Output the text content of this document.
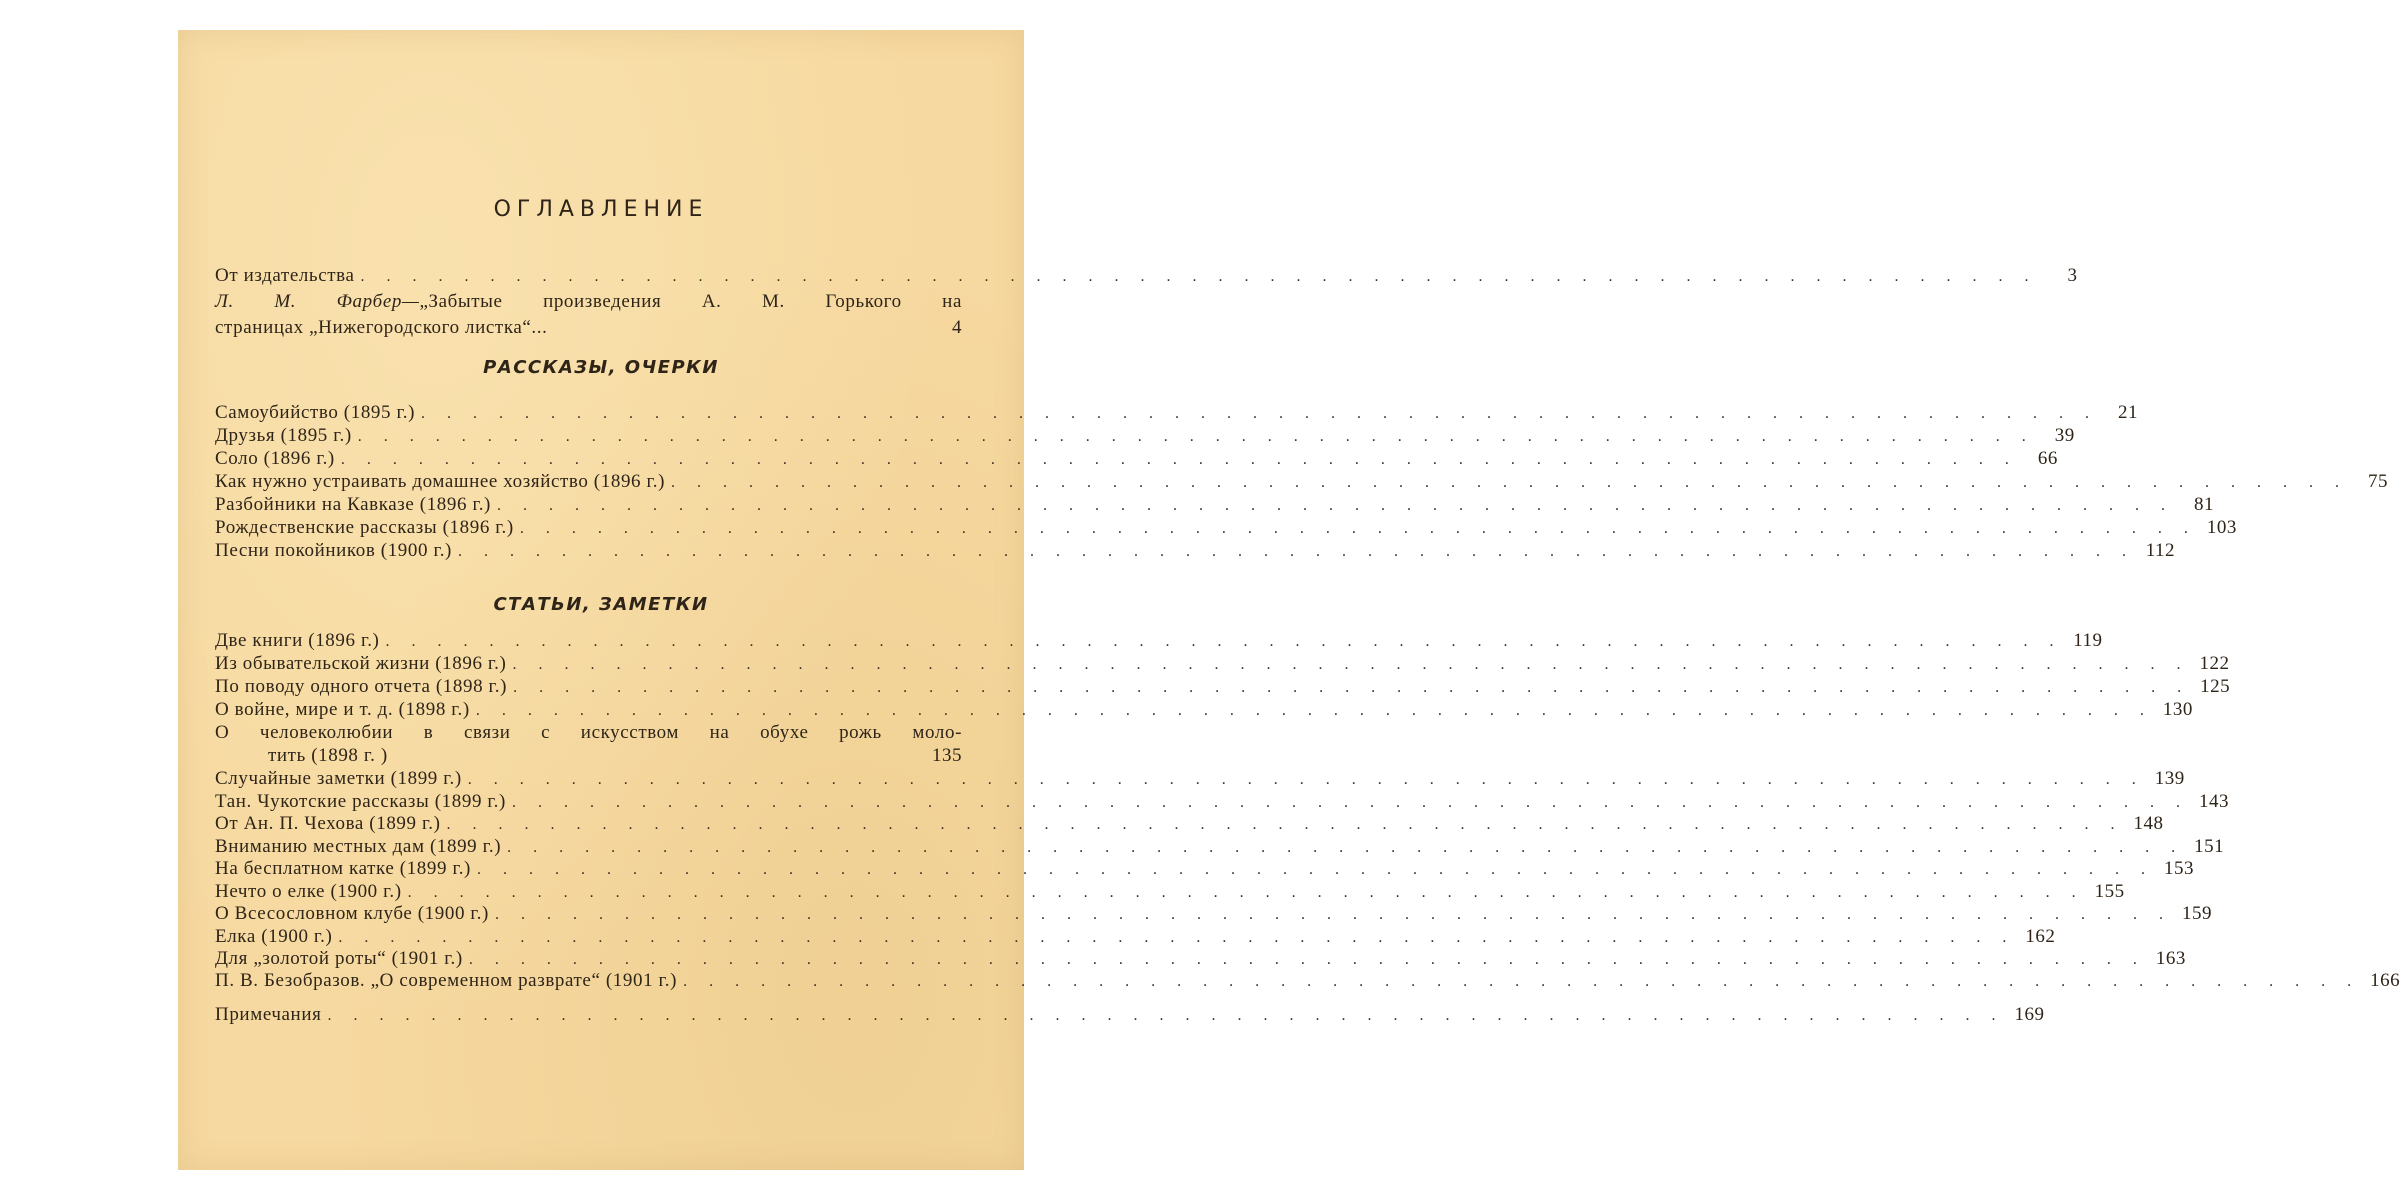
ОГЛАВЛЕНИЕ
От издательства . . . . . . . . . . . . . . . . . . . . . . . . . . . . . . . . . . . . . . . . . . . . . . . . . . . . . . . . . . . . . . . . .	3
Л. М. Фарбер—„Забытые произведения А. М. Горького на
страницах „Нижегородского листка“...	4
РАССКАЗЫ, ОЧЕРКИ
Самоубийство (1895 г.) . . . . . . . . . . . . . . . . . . . . . . . . . . . . . . . . . . . . . . . . . . . . . . . . . . . . . . . . . . . . . . . . .	21
Друзья (1895 г.) . . . . . . . . . . . . . . . . . . . . . . . . . . . . . . . . . . . . . . . . . . . . . . . . . . . . . . . . . . . . . . . . .	39
Соло (1896 г.) . . . . . . . . . . . . . . . . . . . . . . . . . . . . . . . . . . . . . . . . . . . . . . . . . . . . . . . . . . . . . . . . .	66
Как нужно устраивать домашнее хозяйство (1896 г.) . . . . . . . . . . . . . . . . . . . . . . . . . . . . . . . . . . . . . . . . . . . . . . . . . . . . . . . . . . . . . . . . .	75
Разбойники на Кавказе (1896 г.) . . . . . . . . . . . . . . . . . . . . . . . . . . . . . . . . . . . . . . . . . . . . . . . . . . . . . . . . . . . . . . . . .	81
Рождественские рассказы (1896 г.) . . . . . . . . . . . . . . . . . . . . . . . . . . . . . . . . . . . . . . . . . . . . . . . . . . . . . . . . . . . . . . . . . 103
Песни покойников (1900 г.) . . . . . . . . . . . . . . . . . . . . . . . . . . . . . . . . . . . . . . . . . . . . . . . . . . . . . . . . . . . . . . . . . 112
СТАТЬИ, ЗАМЕТКИ
Две книги (1896 г.) . . . . . . . . . . . . . . . . . . . . . . . . . . . . . . . . . . . . . . . . . . . . . . . . . . . . . . . . . . . . . . . . . 119
Из обывательской жизни (1896 г.) . . . . . . . . . . . . . . . . . . . . . . . . . . . . . . . . . . . . . . . . . . . . . . . . . . . . . . . . . . . . . . . . . 122
По поводу одного отчета (1898 г.) . . . . . . . . . . . . . . . . . . . . . . . . . . . . . . . . . . . . . . . . . . . . . . . . . . . . . . . . . . . . . . . . . 125
О войне, мире и т. д. (1898 г.) . . . . . . . . . . . . . . . . . . . . . . . . . . . . . . . . . . . . . . . . . . . . . . . . . . . . . . . . . . . . . . . . . 130
О человеколюбии в связи с искусством на обухе рожь моло-
тить (1898 г. )	135
Случайные заметки (1899 г.) . . . . . . . . . . . . . . . . . . . . . . . . . . . . . . . . . . . . . . . . . . . . . . . . . . . . . . . . . . . . . . . . . 139
Тан. Чукотские рассказы (1899 г.) . . . . . . . . . . . . . . . . . . . . . . . . . . . . . . . . . . . . . . . . . . . . . . . . . . . . . . . . . . . . . . . . . 143
От Ан. П. Чехова (1899 г.) . . . . . . . . . . . . . . . . . . . . . . . . . . . . . . . . . . . . . . . . . . . . . . . . . . . . . . . . . . . . . . . . . 148
Вниманию местных дам (1899 г.) . . . . . . . . . . . . . . . . . . . . . . . . . . . . . . . . . . . . . . . . . . . . . . . . . . . . . . . . . . . . . . . . . 151
На бесплатном катке (1899 г.) . . . . . . . . . . . . . . . . . . . . . . . . . . . . . . . . . . . . . . . . . . . . . . . . . . . . . . . . . . . . . . . . . 153
Нечто о елке (1900 г.) . . . . . . . . . . . . . . . . . . . . . . . . . . . . . . . . . . . . . . . . . . . . . . . . . . . . . . . . . . . . . . . . . 155
О Всесословном клубе (1900 г.) . . . . . . . . . . . . . . . . . . . . . . . . . . . . . . . . . . . . . . . . . . . . . . . . . . . . . . . . . . . . . . . . . 159
Елка (1900 г.) . . . . . . . . . . . . . . . . . . . . . . . . . . . . . . . . . . . . . . . . . . . . . . . . . . . . . . . . . . . . . . . . . 162
Для „золотой роты“ (1901 г.) . . . . . . . . . . . . . . . . . . . . . . . . . . . . . . . . . . . . . . . . . . . . . . . . . . . . . . . . . . . . . . . . . 163
П. В. Безобразов. „О современном разврате“ (1901 г.) . . . . . . . . . . . . . . . . . . . . . . . . . . . . . . . . . . . . . . . . . . . . . . . . . . . . . . . . . . . . . . . . . 166
Примечания . . . . . . . . . . . . . . . . . . . . . . . . . . . . . . . . . . . . . . . . . . . . . . . . . . . . . . . . . . . . . . . . . 169
